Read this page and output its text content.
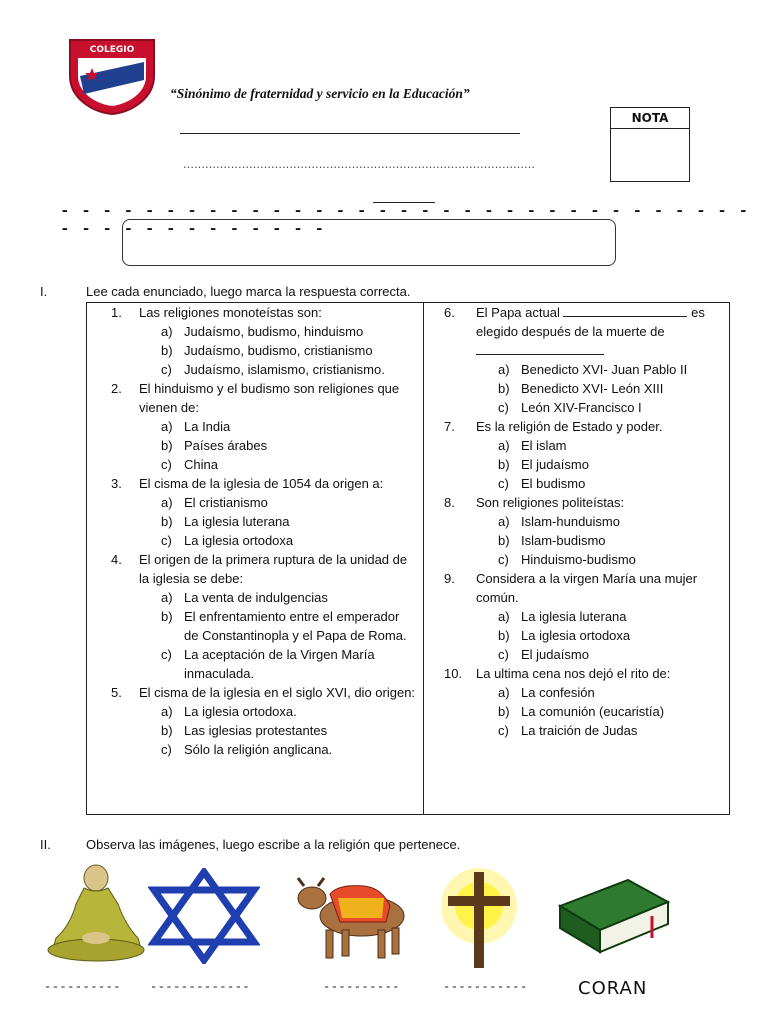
COLEGIO
“Sinónimo de fraternidad y servicio en la Educación”
……………………………………………………………………………………
- - - - - - - - - - - - - - - - - - - - - - - - - - - - - - - - - - - - - - - - - - - - - -
NOTA
I.	Lee cada enunciado, luego marca la respuesta correcta.
1. Las religiones monoteístas son:
a) Judaísmo, budismo, hinduismo
b) Judaísmo, budismo, cristianismo
c) Judaísmo, islamismo, cristianismo.
2. El hinduismo y el budismo son religiones que vienen de:
a) La India
b) Países árabes
c) China
3. El cisma de la iglesia de 1054 da origen a:
a) El cristianismo
b) La iglesia luterana
c) La iglesia ortodoxa
4. El origen de la primera ruptura de la unidad de la iglesia se debe:
a) La venta de indulgencias
b) El enfrentamiento entre el emperador de Constantinopla y el Papa de Roma.
c) La aceptación de la Virgen María inmaculada.
5. El cisma de la iglesia en el siglo XVI, dio origen:
a) La iglesia ortodoxa.
b) Las iglesias protestantes
c) Sólo la religión anglicana.
6. El Papa actual	es elegido después de la muerte de

a) Benedicto XVI- Juan Pablo II
b) Benedicto XVI- León XIII
c) León XIV-Francisco I
7. Es la religión de Estado y poder.
a) El islam
b) El judaísmo
c) El budismo
8. Son religiones politeístas:
a) Islam-hunduismo
b) Islam-budismo
c) Hinduismo-budismo
9. Considera a la virgen María una mujer común.
a) La iglesia luterana
b) La iglesia ortodoxa
c) El judaísmo
10. La ultima cena nos dejó el rito de:
a) La confesión
b) La comunión (eucaristía)
c) La traición de Judas
II.	Observa las imágenes, luego escribe a la religión que pertenece.
---------- -------------	----------	-----------	CORAN
